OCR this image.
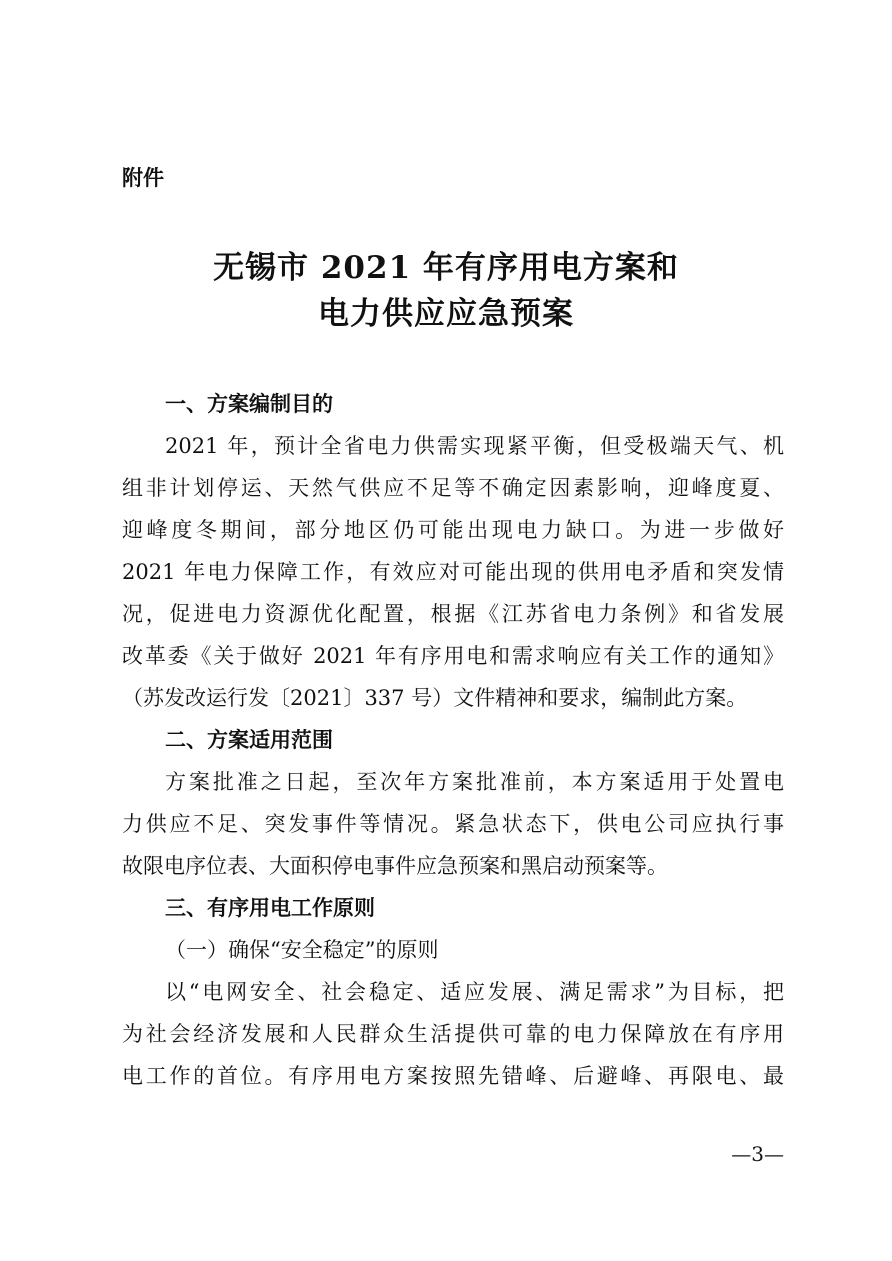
附件
无锡市 2021 年有序用电方案和
电力供应应急预案
一、方案编制目的
2021 年，预计全省电力供需实现紧平衡，但受极端天气、机
组非计划停运、天然气供应不足等不确定因素影响，迎峰度夏、
迎峰度冬期间，部分地区仍可能出现电力缺口。为进一步做好
2021 年电力保障工作，有效应对可能出现的供用电矛盾和突发情
况，促进电力资源优化配置，根据《江苏省电力条例》和省发展
改革委《关于做好 2021 年有序用电和需求响应有关工作的通知》
（苏发改运行发〔2021〕337 号）文件精神和要求，编制此方案。
二、方案适用范围
方案批准之日起，至次年方案批准前，本方案适用于处置电
力供应不足、突发事件等情况。紧急状态下，供电公司应执行事
故限电序位表、大面积停电事件应急预案和黑启动预案等。
三、有序用电工作原则
（一）确保“安全稳定”的原则
以“电网安全、社会稳定、适应发展、满足需求”为目标，把
为社会经济发展和人民群众生活提供可靠的电力保障放在有序用
电工作的首位。有序用电方案按照先错峰、后避峰、再限电、最
—3—
